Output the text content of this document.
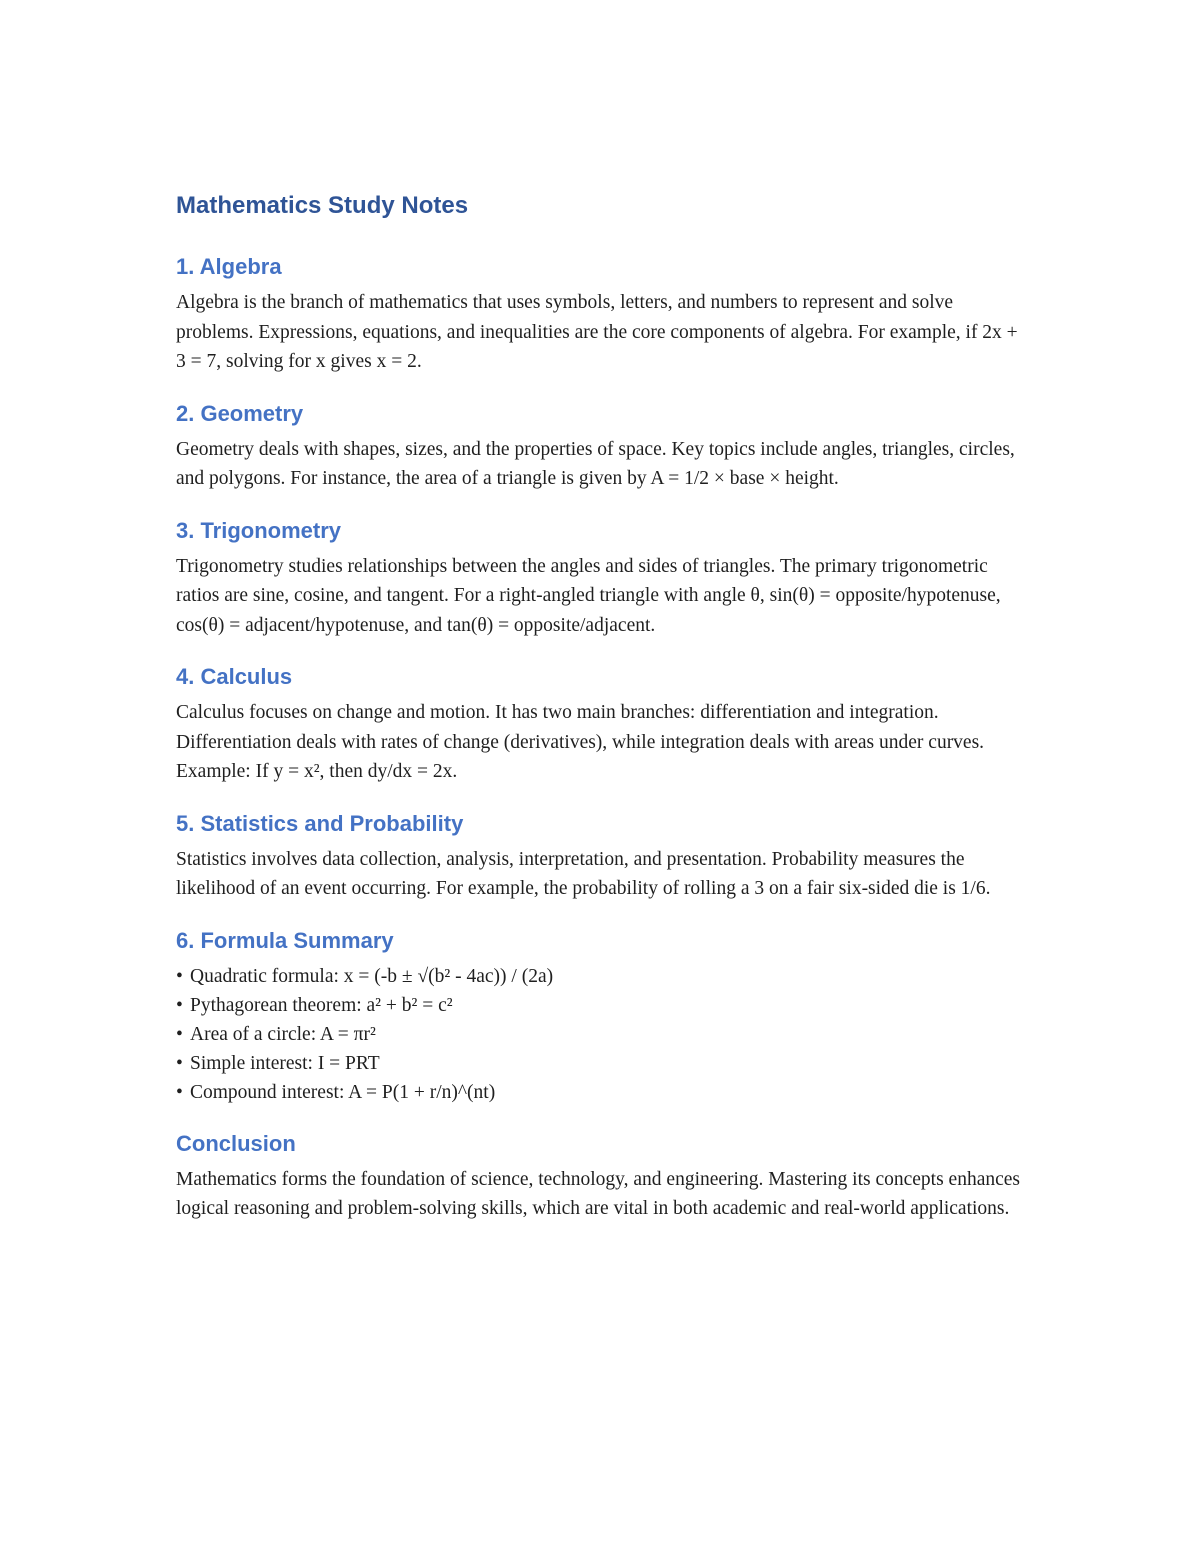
Mathematics Study Notes
1. Algebra

Algebra is the branch of mathematics that uses symbols, letters, and numbers to represent and solve problems. Expressions, equations, and inequalities are the core components of algebra. For example, if 2x + 3 = 7, solving for x gives x = 2.

2. Geometry

Geometry deals with shapes, sizes, and the properties of space. Key topics include angles, triangles, circles, and polygons. For instance, the area of a triangle is given by A = 1/2 × base × height.

3. Trigonometry

Trigonometry studies relationships between the angles and sides of triangles. The primary trigonometric ratios are sine, cosine, and tangent. For a right-angled triangle with angle θ, sin(θ) = opposite/hypotenuse, cos(θ) = adjacent/hypotenuse, and tan(θ) = opposite/adjacent.

4. Calculus

Calculus focuses on change and motion. It has two main branches: differentiation and integration. Differentiation deals with rates of change (derivatives), while integration deals with areas under curves. Example: If y = x², then dy/dx = 2x.

5. Statistics and Probability

Statistics involves data collection, analysis, interpretation, and presentation. Probability measures the likelihood of an event occurring. For example, the probability of rolling a 3 on a fair six-sided die is 1/6.

6. Formula Summary
• Quadratic formula: x = (-b ± √(b² - 4ac)) / (2a)
• Pythagorean theorem: a² + b² = c²
• Area of a circle: A = πr²
• Simple interest: I = PRT
• Compound interest: A = P(1 + r/n)^(nt)
Conclusion

Mathematics forms the foundation of science, technology, and engineering. Mastering its concepts enhances logical reasoning and problem-solving skills, which are vital in both academic and real-world applications.
